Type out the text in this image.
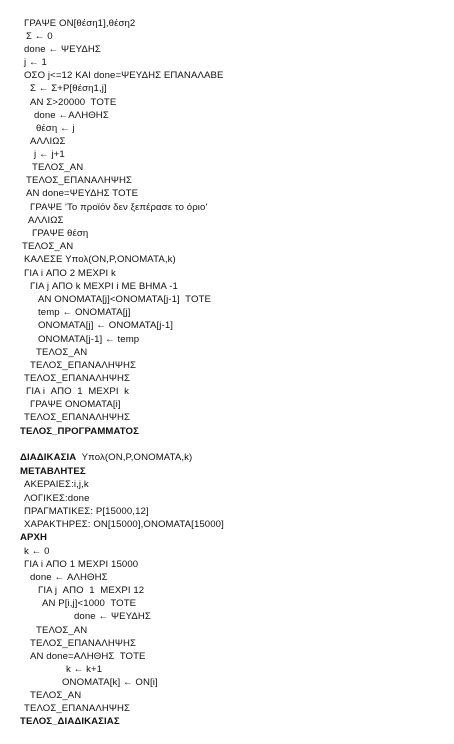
ΓΡΑΨΕ ΟΝ[θέση1],θέση2
Σ ← 0
done ← ΨΕΥΔΗΣ
j ← 1
ΟΣΟ j<=12 ΚΑΙ done=ΨΕΥΔΗΣ ΕΠΑΝΑΛΑΒΕ
Σ ← Σ+Ρ[θέση1,j]
ΑΝ Σ>20000  ΤΟΤΕ
done ←ΑΛΗΘΗΣ
θέση ← j
ΑΛΛΙΩΣ
j ← j+1
ΤΕΛΟΣ_ΑΝ
ΤΕΛΟΣ_ΕΠΑΝΑΛΗΨΗΣ
ΑΝ done=ΨΕΥΔΗΣ ΤΟΤΕ
ΓΡΑΨΕ 'Το προϊόν δεν ξεπέρασε το όριο'
ΑΛΛΙΩΣ
ΓΡΑΨΕ θέση
ΤΕΛΟΣ_ΑΝ
ΚΑΛΕΣΕ Υπολ(ΟΝ,Ρ,ΟΝΟΜΑΤΑ,k)
ΓΙΑ i ΑΠΟ 2 ΜΕΧΡΙ k
ΓΙΑ j ΑΠΟ k ΜΕΧΡΙ i ΜΕ ΒΗΜΑ -1
ΑΝ ΟΝΟΜΑΤΑ[j]<ΟΝΟΜΑΤΑ[j-1]  ΤΟΤΕ
temp ← ΟΝΟΜΑΤΑ[j]
ΟΝΟΜΑΤΑ[j] ← ΟΝΟΜΑΤΑ[j-1]
ΟΝΟΜΑΤΑ[j-1] ← temp
ΤΕΛΟΣ_ΑΝ
ΤΕΛΟΣ_ΕΠΑΝΑΛΗΨΗΣ
ΤΕΛΟΣ_ΕΠΑΝΑΛΗΨΗΣ
ΓΙΑ i  ΑΠΟ  1  ΜΕΧΡΙ  k
ΓΡΑΨΕ ΟΝΟΜΑΤΑ[i]
ΤΕΛΟΣ_ΕΠΑΝΑΛΗΨΗΣ
ΤΕΛΟΣ_ΠΡΟΓΡΑΜΜΑΤΟΣ
ΔΙΑΔΙΚΑΣΙΑ  Υπολ(ΟΝ,Ρ,ΟΝΟΜΑΤΑ,k)
ΜΕΤΑΒΛΗΤΕΣ
ΑΚΕΡΑΙΕΣ:i,j,k
ΛΟΓΙΚΕΣ:done
ΠΡΑΓΜΑΤΙΚΕΣ: Ρ[15000,12]
ΧΑΡΑΚΤΗΡΕΣ: ΟΝ[15000],ΟΝΟΜΑΤΑ[15000]
ΑΡΧΗ
k ← 0
ΓΙΑ i ΑΠΟ 1 ΜΕΧΡΙ 15000
done ← ΑΛΗΘΗΣ
ΓΙΑ j  ΑΠΟ  1  ΜΕΧΡΙ 12
ΑΝ Ρ[i,j]<1000  ΤΟΤΕ
done ← ΨΕΥΔΗΣ
ΤΕΛΟΣ_ΑΝ
ΤΕΛΟΣ_ΕΠΑΝΑΛΗΨΗΣ
ΑΝ done=ΑΛΗΘΗΣ  ΤΟΤΕ
k ← k+1
ΟΝΟΜΑΤΑ[k] ← ΟΝ[i]
ΤΕΛΟΣ_ΑΝ
ΤΕΛΟΣ_ΕΠΑΝΑΛΗΨΗΣ
ΤΕΛΟΣ_ΔΙΑΔΙΚΑΣΙΑΣ
